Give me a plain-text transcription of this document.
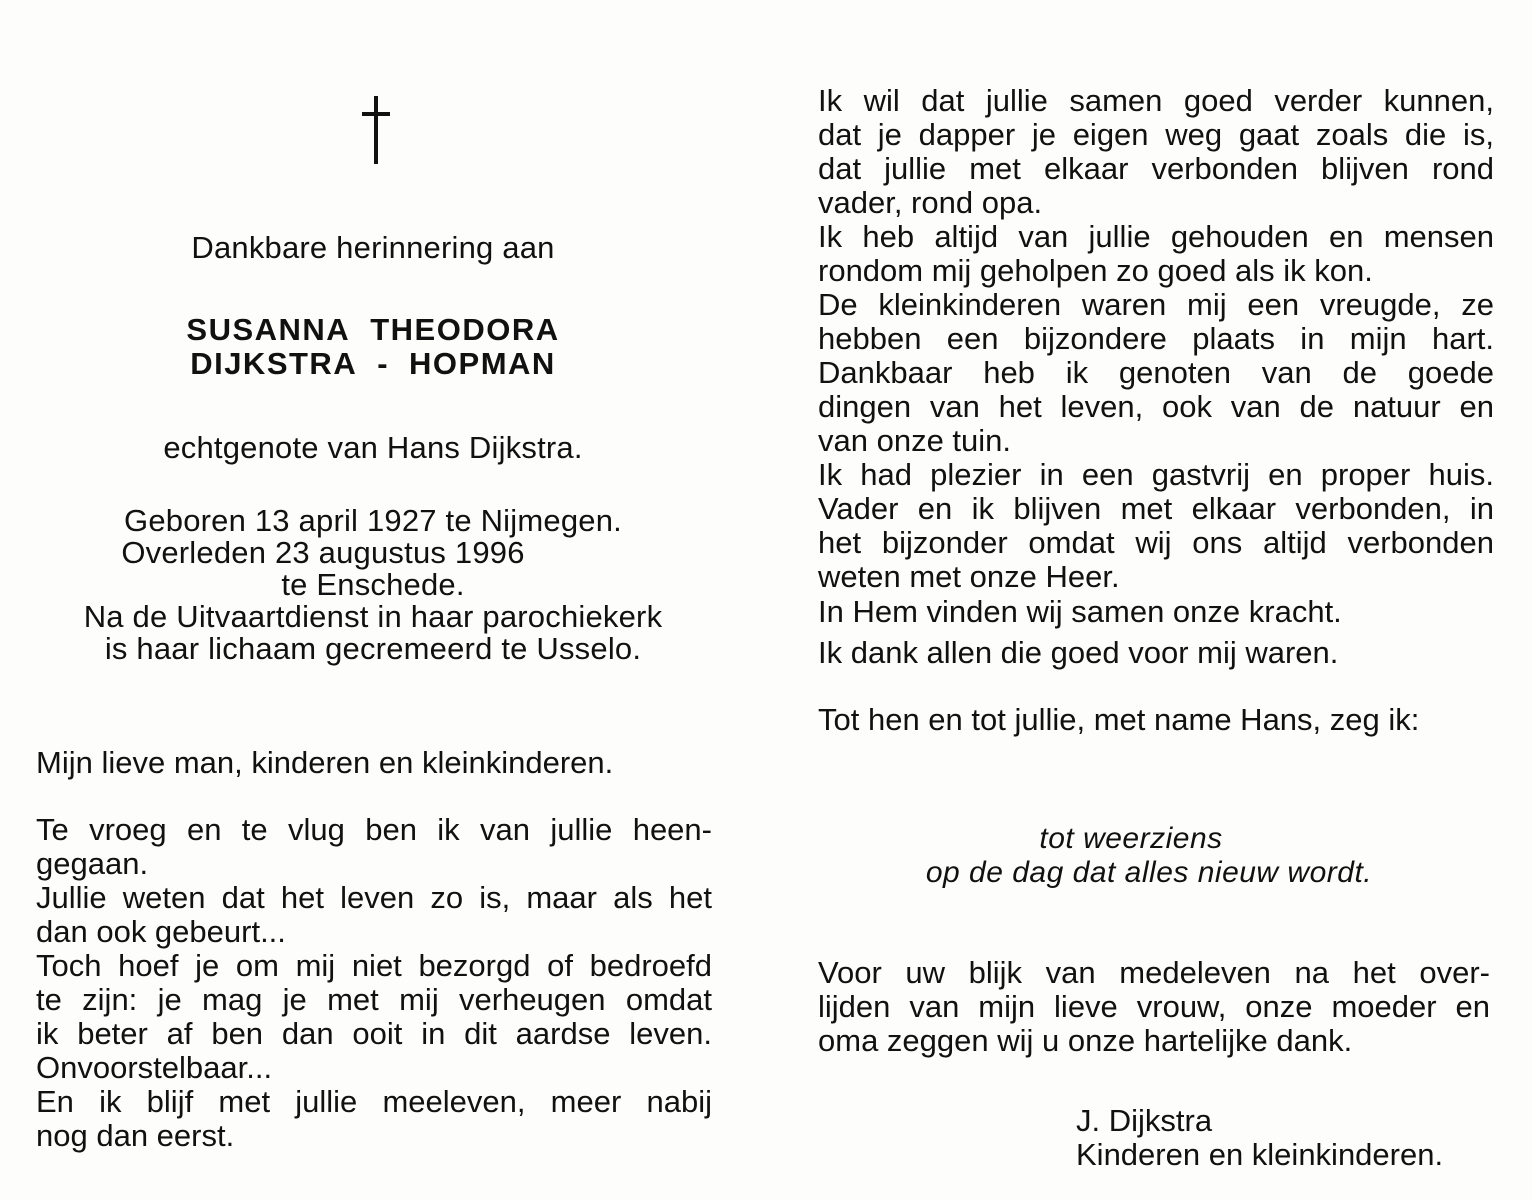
Dankbare herinnering aan

SUSANNA THEODORA
DIJKSTRA - HOPMAN

echtgenote van Hans Dijkstra.

Geboren 13 april 1927 te Nijmegen.
Overleden 23 augustus 1996
te Enschede.
Na de Uitvaartdienst in haar parochiekerk
is haar lichaam gecremeerd te Usselo.
Mijn lieve man, kinderen en kleinkinderen.
Te vroeg en te vlug ben ik van jullie heen-
gegaan.
Jullie weten dat het leven zo is, maar als het
dan ook gebeurt...
Toch hoef je om mij niet bezorgd of bedroefd
te zijn: je mag je met mij verheugen omdat
ik beter af ben dan ooit in dit aardse leven.
Onvoorstelbaar...
En ik blijf met jullie meeleven, meer nabij
nog dan eerst.
Ik wil dat jullie samen goed verder kunnen,
dat je dapper je eigen weg gaat zoals die is,
dat jullie met elkaar verbonden blijven rond
vader, rond opa.
Ik heb altijd van jullie gehouden en mensen
rondom mij geholpen zo goed als ik kon.
De kleinkinderen waren mij een vreugde, ze
hebben een bijzondere plaats in mijn hart.
Dankbaar heb ik genoten van de goede
dingen van het leven, ook van de natuur en
van onze tuin.
Ik had plezier in een gastvrij en proper huis.
Vader en ik blijven met elkaar verbonden, in
het bijzonder omdat wij ons altijd verbonden
weten met onze Heer.
In Hem vinden wij samen onze kracht.
Ik dank allen die goed voor mij waren.
Tot hen en tot jullie, met name Hans, zeg ik:
tot weerziens
op de dag dat alles nieuw wordt.
Voor uw blijk van medeleven na het over-
lijden van mijn lieve vrouw, onze moeder en
oma zeggen wij u onze hartelijke dank.
J. Dijkstra
Kinderen en kleinkinderen.
